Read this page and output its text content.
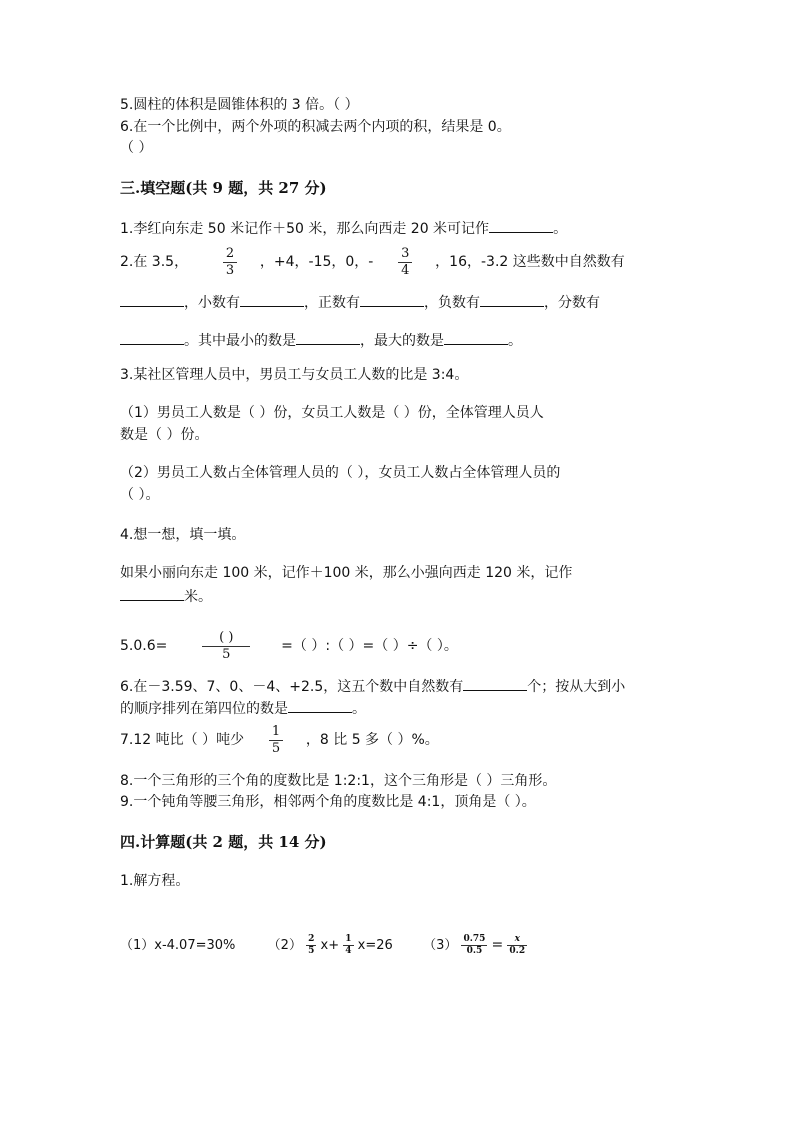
5.圆柱的体积是圆锥体积的 3 倍。（ ）
6.在一个比例中，两个外项的积减去两个内项的积，结果是 0。
（ ）
三.填空题(共 9 题，共 27 分)
1.李红向东走 50 米记作＋50 米，那么向西走 20 米可记作	。
2.在 3.5，	$\frac{2}{3}$ ，+4，-15，0，- $\frac{3}{4}$ ，16，-3.2 这些数中自然数有
，小数有	，正数有	，负数有	，分数有
。其中最小的数是	，最大的数是	。
3.某社区管理人员中，男员工与女员工人数的比是 3:4。
（1）男员工人数是（ ）份，女员工人数是（ ）份，全体管理人员人
数是（ ）份。
（2）男员工人数占全体管理人员的（ ），女员工人数占全体管理人员的
（ ）。
4.想一想，填一填。
如果小丽向东走 100 米，记作＋100 米，那么小强向西走 120 米，记作
米。
5.0.6=	$\frac{( )}{5}$ =（ ）:（ ）=（ ）÷（ ）。
6.在－3.59、7、0、－4、+2.5，这五个数中自然数有	个；按从大到小
的顺序排列在第四位的数是	。
7.12 吨比（ ）吨少 $\frac{1}{5}$ ，8 比 5 多（ ）%。
8.一个三角形的三个角的度数比是 1:2:1，这个三角形是（ ）三角形。
9.一个钝角等腰三角形，相邻两个角的度数比是 4:1，顶角是（ ）。
四.计算题(共 2 题，共 14 分)
1.解方程。
（1）x-4.07=30% $(2) \frac{2}{5} x+ \frac{1}{4} x=26$ $(3) \frac{0.75}{0.5} = \frac{x}{0.2}$
